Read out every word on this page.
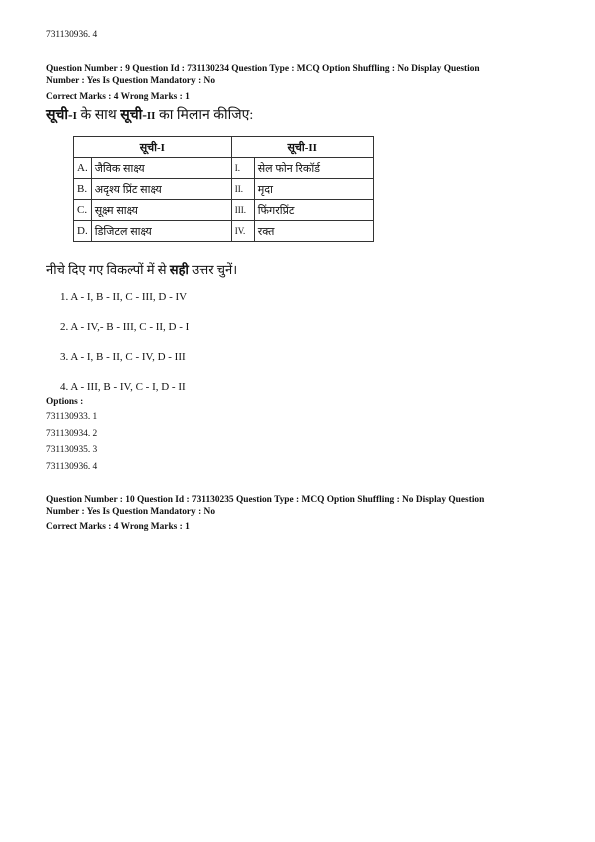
731130936. 4
Question Number : 9 Question Id : 731130234 Question Type : MCQ Option Shuffling : No Display Question
Number : Yes Is Question Mandatory : No
Correct Marks : 4 Wrong Marks : 1
सूची-I के साथ सूची-II का मिलान कीजिए:
सूची-I		सूची-II	
A.	जैविक साक्ष्य	I.	सेल फोन रिकॉर्ड
B.	अदृश्य प्रिंट साक्ष्य	II.	मृदा
C.	सूक्ष्म साक्ष्य	III.	फिंगरप्रिंट
D.	डिजिटल साक्ष्य	IV.	रक्त
नीचे दिए गए विकल्पों में से सही उत्तर चुनें।
1. A - I, B - II, C - III, D - IV
2. A - IV,- B - III, C - II, D - I
3. A - I, B - II, C - IV, D - III
4. A - III, B - IV, C - I, D - II
Options :
731130933. 1
731130934. 2
731130935. 3
731130936. 4
Question Number : 10 Question Id : 731130235 Question Type : MCQ Option Shuffling : No Display Question
Number : Yes Is Question Mandatory : No
Correct Marks : 4 Wrong Marks : 1
